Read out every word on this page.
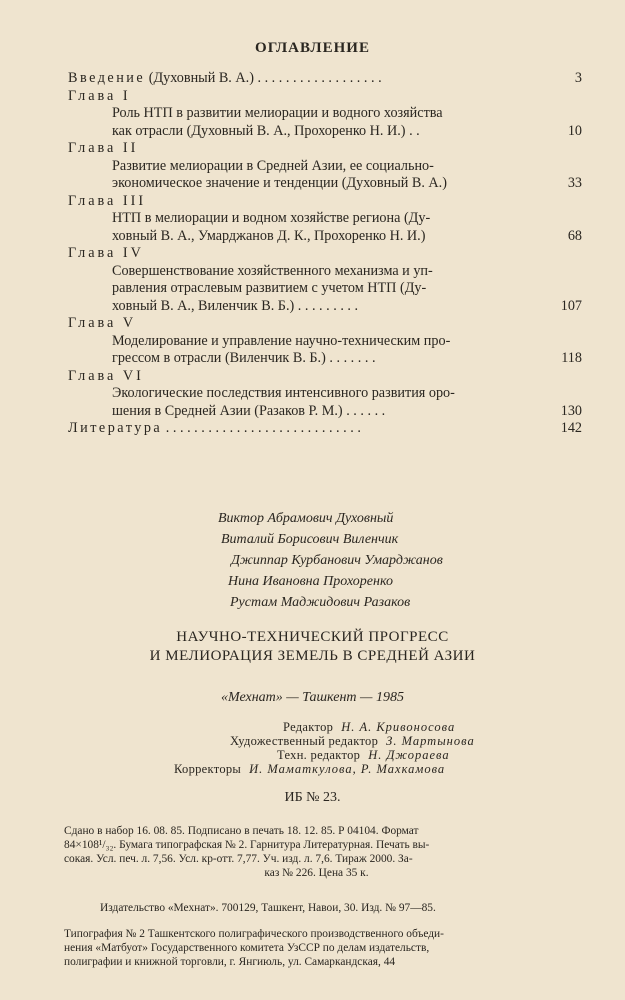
ОГЛАВЛЕНИЕ
Введение (Духовный В. А.) . . . . . . . . . . . . . . . . . .	3
Глава I
Роль НТП в развитии мелиорации и водного хозяйства
как отрасли (Духовный В. А., Прохоренко Н. И.) . .	10
Глава II
Развитие мелиорации в Средней Азии, ее социально-
экономическое значение и тенденции (Духовный В. А.)	33
Глава III
НТП в мелиорации и водном хозяйстве региона (Ду-
ховный В. А., Умарджанов Д. К., Прохоренко Н. И.)	68
Глава IV
Совершенствование хозяйственного механизма и уп-
равления отраслевым развитием с учетом НТП (Ду-
ховный В. А., Виленчик В. Б.) . . . . . . . . .	107
Глава V
Моделирование и управление научно-техническим про-
грессом в отрасли (Виленчик В. Б.) . . . . . . .	118
Глава VI
Экологические последствия интенсивного развития оро-
шения в Средней Азии (Разаков Р. М.) . . . . . .	130
Литература . . . . . . . . . . . . . . . . . . . . . . . . . . . .	142
Виктор Абрамович Духовный
Виталий Борисович Виленчик
Джиппар Курбанович Умарджанов
Нина Ивановна Прохоренко
Рустам Маджидович Разаков
НАУЧНО-ТЕХНИЧЕСКИЙ ПРОГРЕСС
И МЕЛИОРАЦИЯ ЗЕМЕЛЬ В СРЕДНЕЙ АЗИИ
«Мехнат» — Ташкент — 1985
Редактор Н. А. Кривоносова
Художественный редактор З. Мартынова
Техн. редактор Н. Джораева
Корректоры И. Маматкулова, Р. Махкамова
ИБ № 23.

Сдано в набор 16. 08. 85. Подписано в печать 18. 12. 85. Р 04104. Формат

84×108¹/₃₂. Бумага типографская № 2. Гарнитура Литературная. Печать вы-

сокая. Усл. печ. л. 7,56. Усл. кр-отт. 7,77. Уч. изд. л. 7,6. Тираж 2000. За-

каз № 226. Цена 35 к.

Издательство «Мехнат». 700129, Ташкент, Навои, 30. Изд. № 97—85.
Типография № 2 Ташкентского полиграфического производственного объеди-
нения «Матбуот» Государственного комитета УзССР по делам издательств,
полиграфии и книжной торговли, г. Янгиюль, ул. Самаркандская, 44
